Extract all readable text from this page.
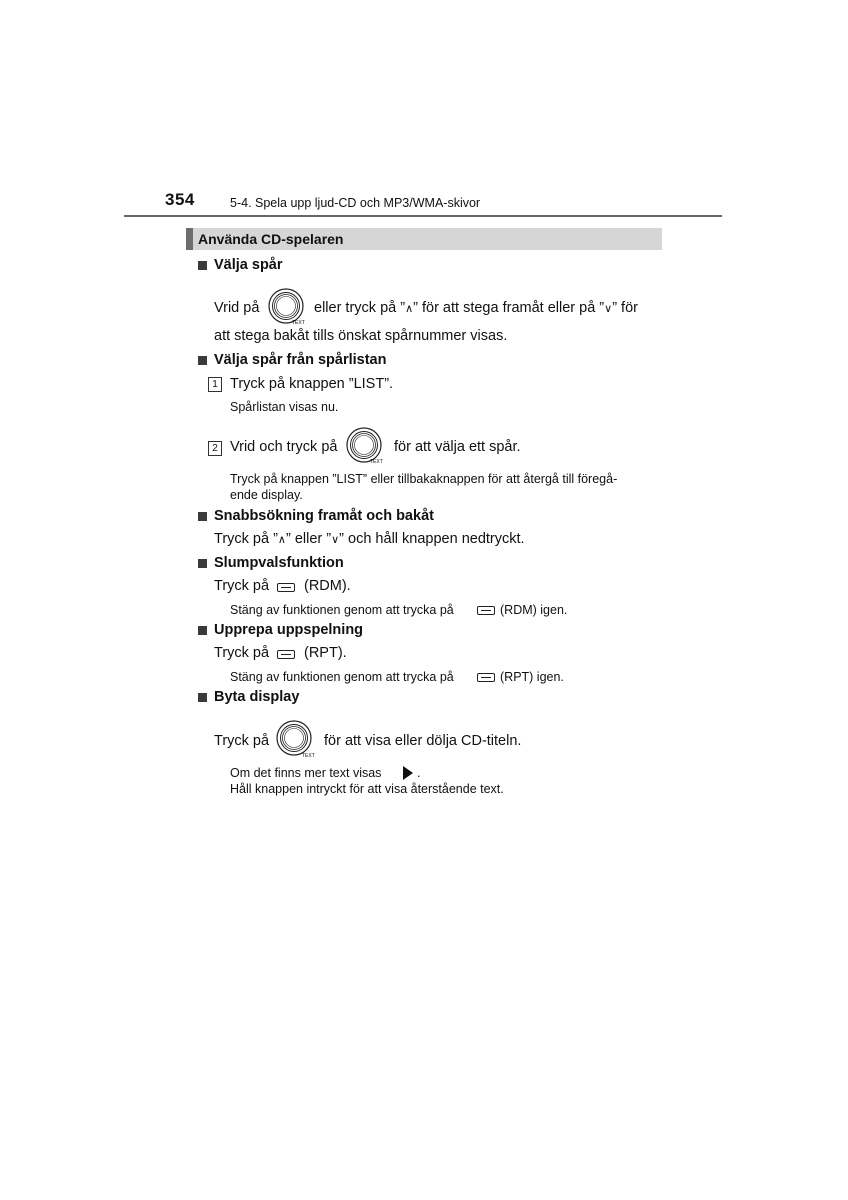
354	5-4. Spela upp ljud-CD och MP3/WMA-skivor
Använda CD-spelaren
Välja spår
Vrid på
TEXT
eller tryck på ”∧” för att stega framåt eller på ”∨” för
att stega bakåt tills önskat spårnummer visas.
Välja spår från spårlistan
1 Tryck på knappen ”LIST”.
Spårlistan visas nu.
2 Vrid och tryck på
TEXT
för att välja ett spår.
Tryck på knappen ”LIST” eller tillbakaknappen för att återgå till föregå-
ende display.
Snabbsökning framåt och bakåt
Tryck på ”∧” eller ”∨” och håll knappen nedtryckt.
Slumpvalsfunktion
Tryck på (RDM).
Stäng av funktionen genom att trycka på	(RDM) igen.
Upprepa uppspelning
Tryck på (RPT).
Stäng av funktionen genom att trycka på	(RPT) igen.
Byta display
Tryck på
TEXT
för att visa eller dölja CD-titeln.
Om det finns mer text visas	.
Håll knappen intryckt för att visa återstående text.
